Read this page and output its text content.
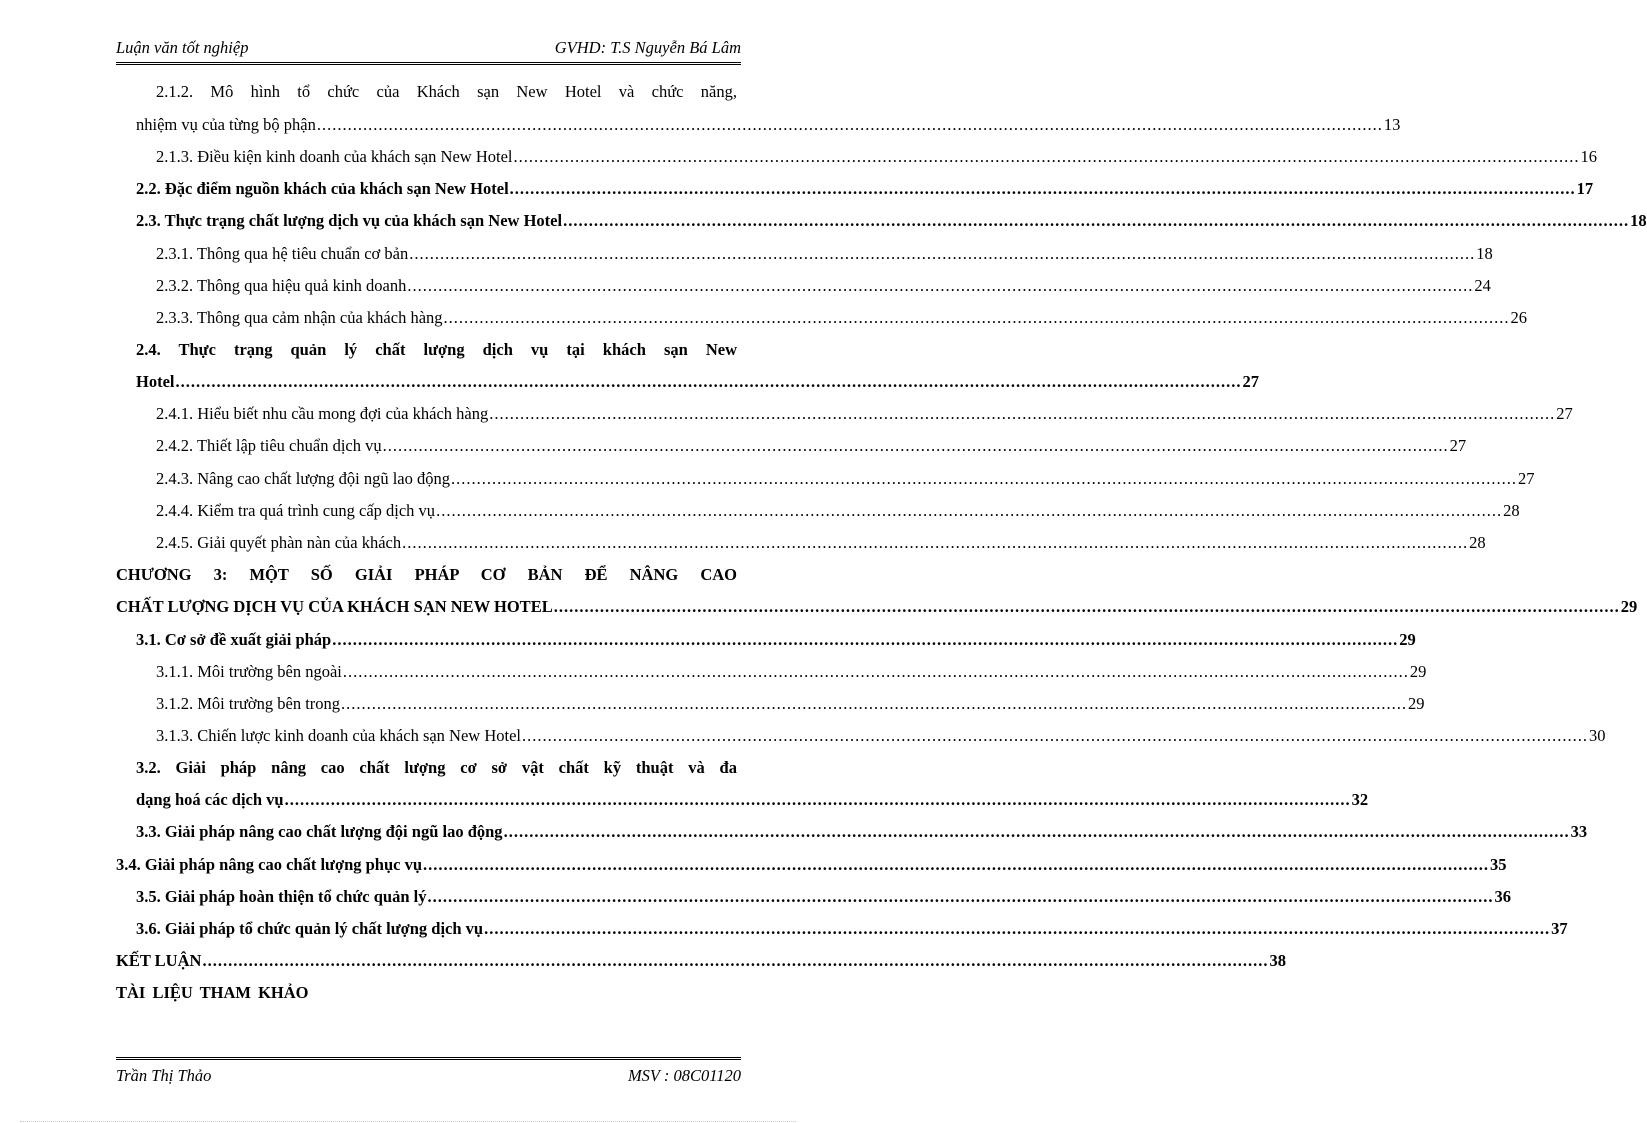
Luận văn tốt nghiệp	GVHD: T.S Nguyễn Bá Lâm
2.1.2. Mô hình tổ chức của Khách sạn New Hotel và chức năng,
nhiệm vụ của từng bộ phận ................................................................................................................................................................................................................ 13
2.1.3. Điều kiện kinh doanh của khách sạn New Hotel ................................................................................................................................................................................................................ 16
2.2. Đặc điểm nguồn khách của khách sạn New Hotel ................................................................................................................................................................................................................ 17
2.3. Thực trạng chất lượng dịch vụ của khách sạn New Hotel ................................................................................................................................................................................................................ 18
2.3.1. Thông qua hệ tiêu chuẩn cơ bản ................................................................................................................................................................................................................ 18
2.3.2. Thông qua hiệu quả kinh doanh ................................................................................................................................................................................................................ 24
2.3.3. Thông qua cảm nhận của khách hàng ................................................................................................................................................................................................................ 26
2.4. Thực trạng quản lý chất lượng dịch vụ tại khách sạn New
Hotel ................................................................................................................................................................................................................ 27
2.4.1. Hiểu biết nhu cầu mong đợi của khách hàng ................................................................................................................................................................................................................ 27
2.4.2. Thiết lập tiêu chuẩn dịch vụ ................................................................................................................................................................................................................ 27
2.4.3. Nâng cao chất lượng đội ngũ lao động ................................................................................................................................................................................................................ 27
2.4.4. Kiểm tra quá trình cung cấp dịch vụ ................................................................................................................................................................................................................ 28
2.4.5. Giải quyết phàn nàn của khách ................................................................................................................................................................................................................ 28
CHƯƠNG 3: MỘT SỐ GIẢI PHÁP CƠ BẢN ĐỂ NÂNG CAO
CHẤT LƯỢNG DỊCH VỤ CỦA KHÁCH SẠN NEW HOTEL ................................................................................................................................................................................................................ 29
3.1. Cơ sở đề xuất giải pháp ................................................................................................................................................................................................................ 29
3.1.1. Môi trường bên ngoài ................................................................................................................................................................................................................ 29
3.1.2. Môi trường bên trong ................................................................................................................................................................................................................ 29
3.1.3. Chiến lược kinh doanh của khách sạn New Hotel ................................................................................................................................................................................................................ 30
3.2. Giải pháp nâng cao chất lượng cơ sở vật chất kỹ thuật và đa
dạng hoá các dịch vụ ................................................................................................................................................................................................................ 32
3.3. Giải pháp nâng cao chất lượng đội ngũ lao động ................................................................................................................................................................................................................ 33
3.4. Giải pháp nâng cao chất lượng phục vụ ................................................................................................................................................................................................................ 35
3.5. Giải pháp hoàn thiện tổ chức quản lý ................................................................................................................................................................................................................ 36
3.6. Giải pháp tổ chức quản lý chất lượng dịch vụ ................................................................................................................................................................................................................ 37
KẾT LUẬN ................................................................................................................................................................................................................ 38
TÀI LIỆU THAM KHẢO
Trần Thị Thảo	MSV : 08C01120
